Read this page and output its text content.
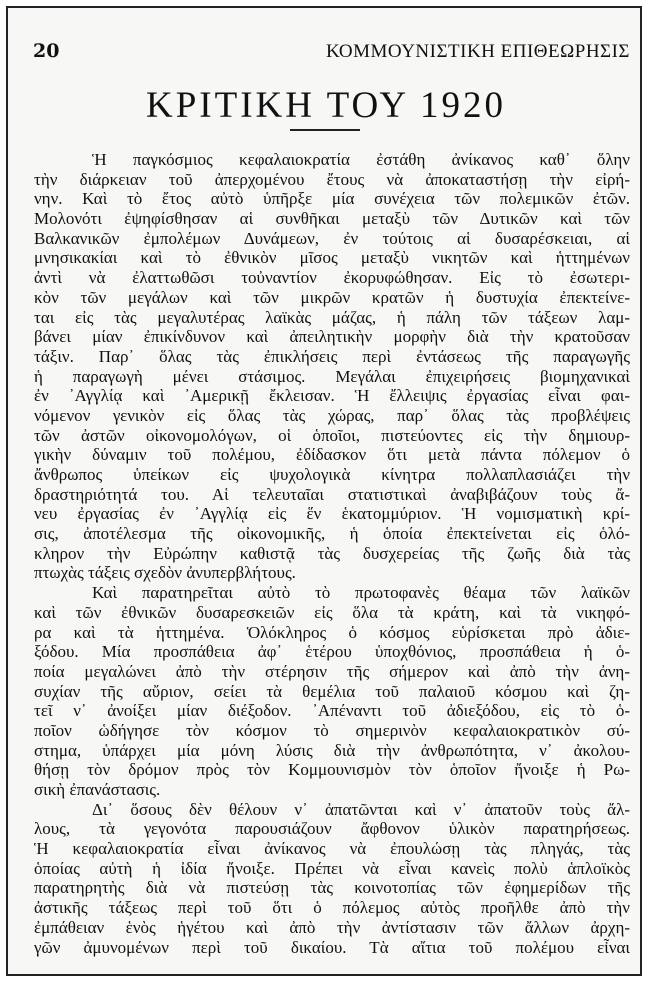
20	ΚΟΜΜΟΥΝΙΣΤΙΚΗ ΕΠΙΘΕΩΡΗΣΙΣ
ΚΡΙΤΙΚΗ ΤΟΥ 1920
Ἡ παγκόσμιος κεφαλαιοκρατία ἐστάθη ἀνίκανος καθ᾽ ὅλην
τὴν διάρκειαν τοῦ ἀπερχομένου ἔτους νὰ ἀποκαταστήσῃ τὴν εἰρή-
νην. Καὶ τὸ ἔτος αὐτὸ ὑπῆρξε μία συνέχεια τῶν πολεμικῶν ἐτῶν.
Μολονότι ἐψηφίσθησαν αἱ συνθῆκαι μεταξὺ τῶν Δυτικῶν καὶ τῶν
Βαλκανικῶν ἐμπολέμων Δυνάμεων, ἐν τούτοις αἱ δυσαρέσκειαι, αἱ
μνησικακίαι καὶ τὸ ἐθνικὸν μῖσος μεταξὺ νικητῶν καὶ ἡττημένων
ἀντὶ νὰ ἐλαττωθῶσι τοὐναντίον ἐκορυφώθησαν. Εἰς τὸ ἐσωτερι-
κὸν τῶν μεγάλων καὶ τῶν μικρῶν κρατῶν ἡ δυστυχία ἐπεκτείνε-
ται εἰς τὰς μεγαλυτέρας λαϊκὰς μάζας, ἡ πάλη τῶν τάξεων λαμ-
βάνει μίαν ἐπικίνδυνον καὶ ἀπειλητικὴν μορφὴν διὰ τὴν κρατοῦσαν
τάξιν. Παρ᾽ ὅλας τὰς ἐπικλήσεις περὶ ἐντάσεως τῆς παραγωγῆς
ἡ παραγωγὴ μένει στάσιμος. Μεγάλαι ἐπιχειρήσεις βιομηχανικαὶ
ἐν ᾽Αγγλίᾳ καὶ ᾽Αμερικῇ ἔκλεισαν. Ἡ ἔλλειψις ἐργασίας εἶναι φαι-
νόμενον γενικὸν εἰς ὅλας τὰς χώρας, παρ᾽ ὅλας τὰς προβλέψεις
τῶν ἀστῶν οἰκονομολόγων, οἱ ὁποῖοι, πιστεύοντες εἰς τὴν δημιουρ-
γικὴν δύναμιν τοῦ πολέμου, ἐδίδασκον ὅτι μετὰ πάντα πόλεμον ὁ
ἄνθρωπος ὑπείκων εἰς ψυχολογικὰ κίνητρα πολλαπλασιάζει τὴν
δραστηριότητά του. Αἱ τελευταῖαι στατιστικαὶ ἀναβιβάζουν τοὺς ἄ-
νευ ἐργασίας ἐν ᾽Αγγλίᾳ εἰς ἕν ἑκατομμύριον. Ἡ νομισματικὴ κρί-
σις, ἀποτέλεσμα τῆς οἰκονομικῆς, ἡ ὁποία ἐπεκτείνεται εἰς ὁλό-
κληρον τὴν Εὐρώπην καθιστᾷ τὰς δυσχερείας τῆς ζωῆς διὰ τὰς
πτωχὰς τάξεις σχεδὸν ἀνυπερβλήτους.
Καὶ παρατηρεῖται αὐτὸ τὸ πρωτοφανὲς θέαμα τῶν λαϊκῶν
καὶ τῶν ἐθνικῶν δυσαρεσκειῶν εἰς ὅλα τὰ κράτη, καὶ τὰ νικηφό-
ρα καὶ τὰ ἡττημένα. Ὁλόκληρος ὁ κόσμος εὑρίσκεται πρὸ ἀδιε-
ξόδου. Μία προσπάθεια ἀφ᾽ ἑτέρου ὑποχθόνιος, προσπάθεια ἡ ὁ-
ποία μεγαλώνει ἀπὸ τὴν στέρησιν τῆς σήμερον καὶ ἀπὸ τὴν ἀνη-
συχίαν τῆς αὔριον, σείει τὰ θεμέλια τοῦ παλαιοῦ κόσμου καὶ ζη-
τεῖ ν᾽ ἀνοίξει μίαν διέξοδον. ᾽Απέναντι τοῦ ἀδιεξόδου, εἰς τὸ ὁ-
ποῖον ὡδήγησε τὸν κόσμον τὸ σημερινὸν κεφαλαιοκρατικὸν σύ-
στημα, ὑπάρχει μία μόνη λύσις διὰ τὴν ἀνθρωπότητα, ν᾽ ἀκολου-
θήσῃ τὸν δρόμον πρὸς τὸν Κομμουνισμὸν τὸν ὁποῖον ἤνοιξε ἡ Ρω-
σικὴ ἐπανάστασις.
Δι᾽ ὅσους δὲν θέλουν ν᾽ ἀπατῶνται καὶ ν᾽ ἀπατοῦν τοὺς ἄλ-
λους, τὰ γεγονότα παρουσιάζουν ἄφθονον ὑλικὸν παρατηρήσεως.
Ἡ κεφαλαιοκρατία εἶναι ἀνίκανος νὰ ἐπουλώσῃ τὰς πληγάς, τὰς
ὁποίας αὐτὴ ἡ ἰδία ἤνοιξε. Πρέπει νὰ εἶναι κανεὶς πολὺ ἁπλοϊκὸς
παρατηρητὴς διὰ νὰ πιστεύσῃ τὰς κοινοτοπίας τῶν ἐφημερίδων τῆς
ἀστικῆς τάξεως περὶ τοῦ ὅτι ὁ πόλεμος αὐτὸς προῆλθε ἀπὸ τὴν
ἐμπάθειαν ἑνὸς ἡγέτου καὶ ἀπὸ τὴν ἀντίστασιν τῶν ἄλλων ἀρχη-
γῶν ἀμυνομένων περὶ τοῦ δικαίου. Τὰ αἴτια τοῦ πολέμου εἶναι
